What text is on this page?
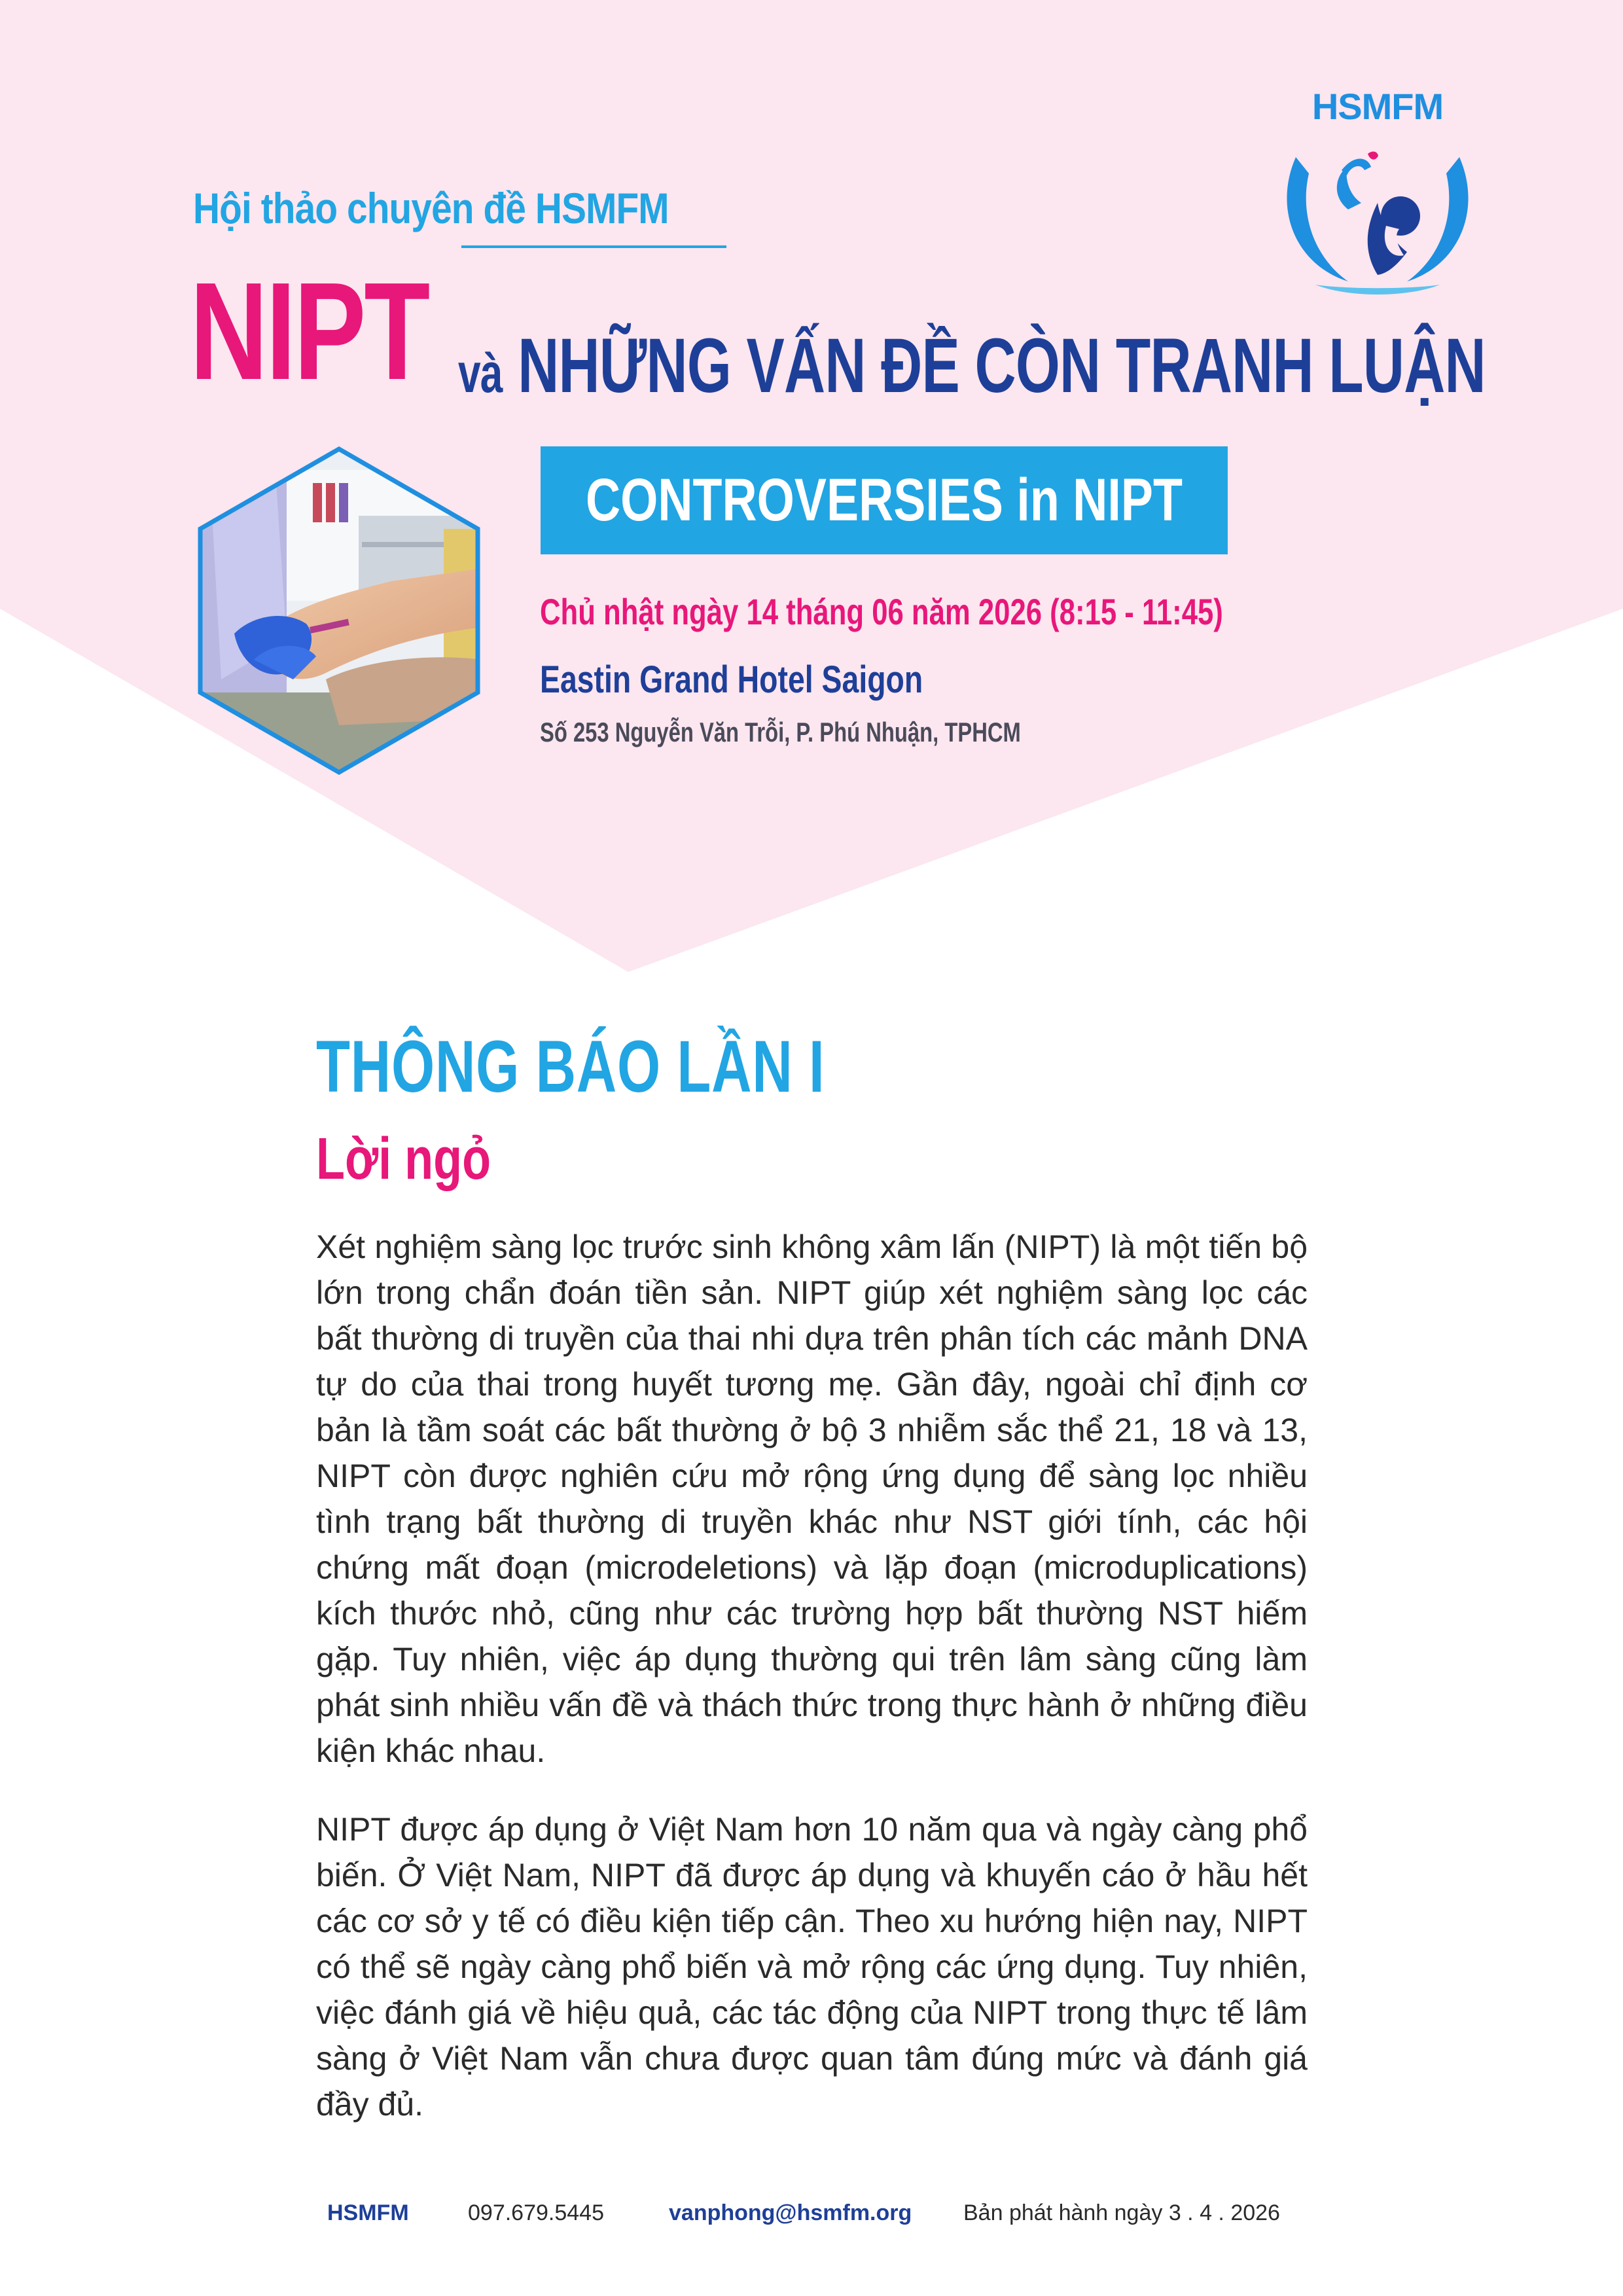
HSMFM
Hội thảo chuyên đề HSMFM
NIPT và NHỮNG VẤN ĐỀ CÒN TRANH LUẬN
CONTROVERSIES in NIPT
Chủ nhật ngày 14 tháng 06 năm 2026 (8:15 - 11:45)
Eastin Grand Hotel Saigon
Số 253 Nguyễn Văn Trỗi, P. Phú Nhuận, TPHCM
THÔNG BÁO LẦN I
Lời ngỏ

Xét nghiệm sàng lọc trước sinh không xâm lấn (NIPT) là một tiến bộ lớn trong chẩn đoán tiền sản. NIPT giúp xét nghiệm sàng lọc các bất thường di truyền của thai nhi dựa trên phân tích các mảnh DNA tự do của thai trong huyết tương mẹ. Gần đây, ngoài chỉ định cơ bản là tầm soát các bất thường ở bộ 3 nhiễm sắc thể 21, 18 và 13, NIPT còn được nghiên cứu mở rộng ứng dụng để sàng lọc nhiều tình trạng bất thường di truyền khác như NST giới tính, các hội chứng mất đoạn (microdeletions) và lặp đoạn (microduplications) kích thước nhỏ, cũng như các trường hợp bất thường NST hiếm gặp. Tuy nhiên, việc áp dụng thường qui trên lâm sàng cũng làm phát sinh nhiều vấn đề và thách thức trong thực hành ở những điều kiện khác nhau.

NIPT được áp dụng ở Việt Nam hơn 10 năm qua và ngày càng phổ biến. Ở Việt Nam, NIPT đã được áp dụng và khuyến cáo ở hầu hết các cơ sở y tế có điều kiện tiếp cận. Theo xu hướng hiện nay, NIPT có thể sẽ ngày càng phổ biến và mở rộng các ứng dụng. Tuy nhiên, việc đánh giá về hiệu quả, các tác động của NIPT trong thực tế lâm sàng ở Việt Nam vẫn chưa được quan tâm đúng mức và đánh giá đầy đủ.

HSMFM	097.679.5445	vanphong@hsmfm.org Bản phát hành ngày 3 . 4 . 2026
